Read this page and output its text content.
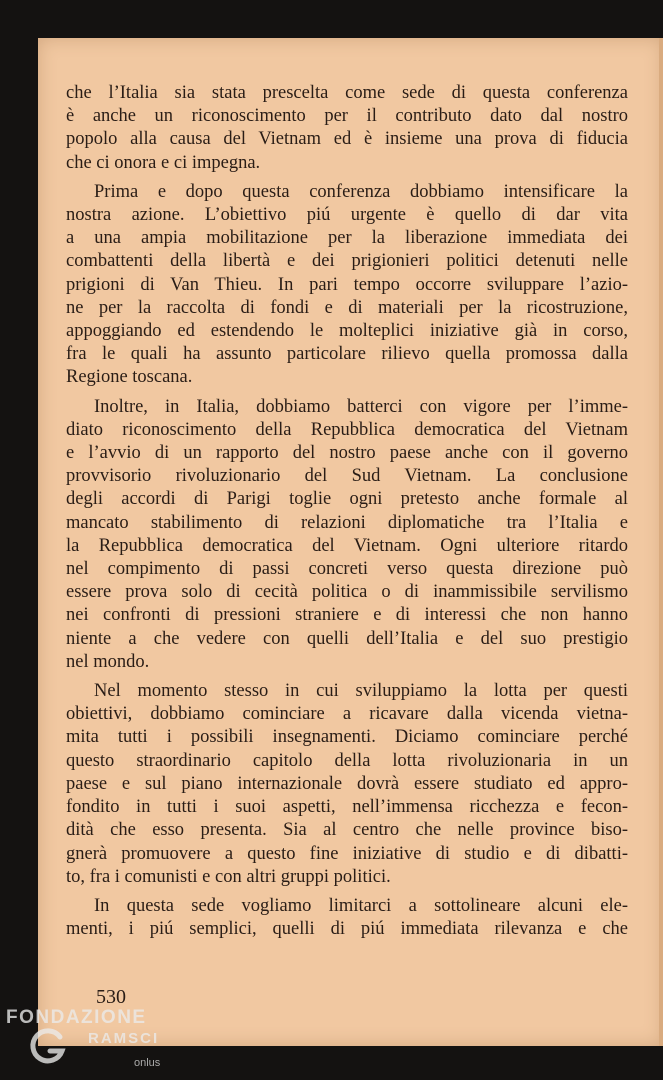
che l’Italia sia stata prescelta come sede di questa conferenza
è anche un riconoscimento per il contributo dato dal nostro
popolo alla causa del Vietnam ed è insieme una prova di fiducia
che ci onora e ci impegna.
Prima e dopo questa conferenza dobbiamo intensificare la
nostra azione. L’obiettivo piú urgente è quello di dar vita
a una ampia mobilitazione per la liberazione immediata dei
combattenti della libertà e dei prigionieri politici detenuti nelle
prigioni di Van Thieu. In pari tempo occorre sviluppare l’azio-
ne per la raccolta di fondi e di materiali per la ricostruzione,
appoggiando ed estendendo le molteplici iniziative già in corso,
fra le quali ha assunto particolare rilievo quella promossa dalla
Regione toscana.
Inoltre, in Italia, dobbiamo batterci con vigore per l’imme-
diato riconoscimento della Repubblica democratica del Vietnam
e l’avvio di un rapporto del nostro paese anche con il governo
provvisorio rivoluzionario del Sud Vietnam. La conclusione
degli accordi di Parigi toglie ogni pretesto anche formale al
mancato stabilimento di relazioni diplomatiche tra l’Italia e
la Repubblica democratica del Vietnam. Ogni ulteriore ritardo
nel compimento di passi concreti verso questa direzione può
essere prova solo di cecità politica o di inammissibile servilismo
nei confronti di pressioni straniere e di interessi che non hanno
niente a che vedere con quelli dell’Italia e del suo prestigio
nel mondo.
Nel momento stesso in cui sviluppiamo la lotta per questi
obiettivi, dobbiamo cominciare a ricavare dalla vicenda vietna-
mita tutti i possibili insegnamenti. Diciamo cominciare perché
questo straordinario capitolo della lotta rivoluzionaria in un
paese e sul piano internazionale dovrà essere studiato ed appro-
fondito in tutti i suoi aspetti, nell’immensa ricchezza e fecon-
dità che esso presenta. Sia al centro che nelle province biso-
gnerà promuovere a questo fine iniziative di studio e di dibatti-
to, fra i comunisti e con altri gruppi politici.
In questa sede vogliamo limitarci a sottolineare alcuni ele-
menti, i piú semplici, quelli di piú immediata rilevanza e che
530
FONDAZIONE
RAMSCI
onlus
